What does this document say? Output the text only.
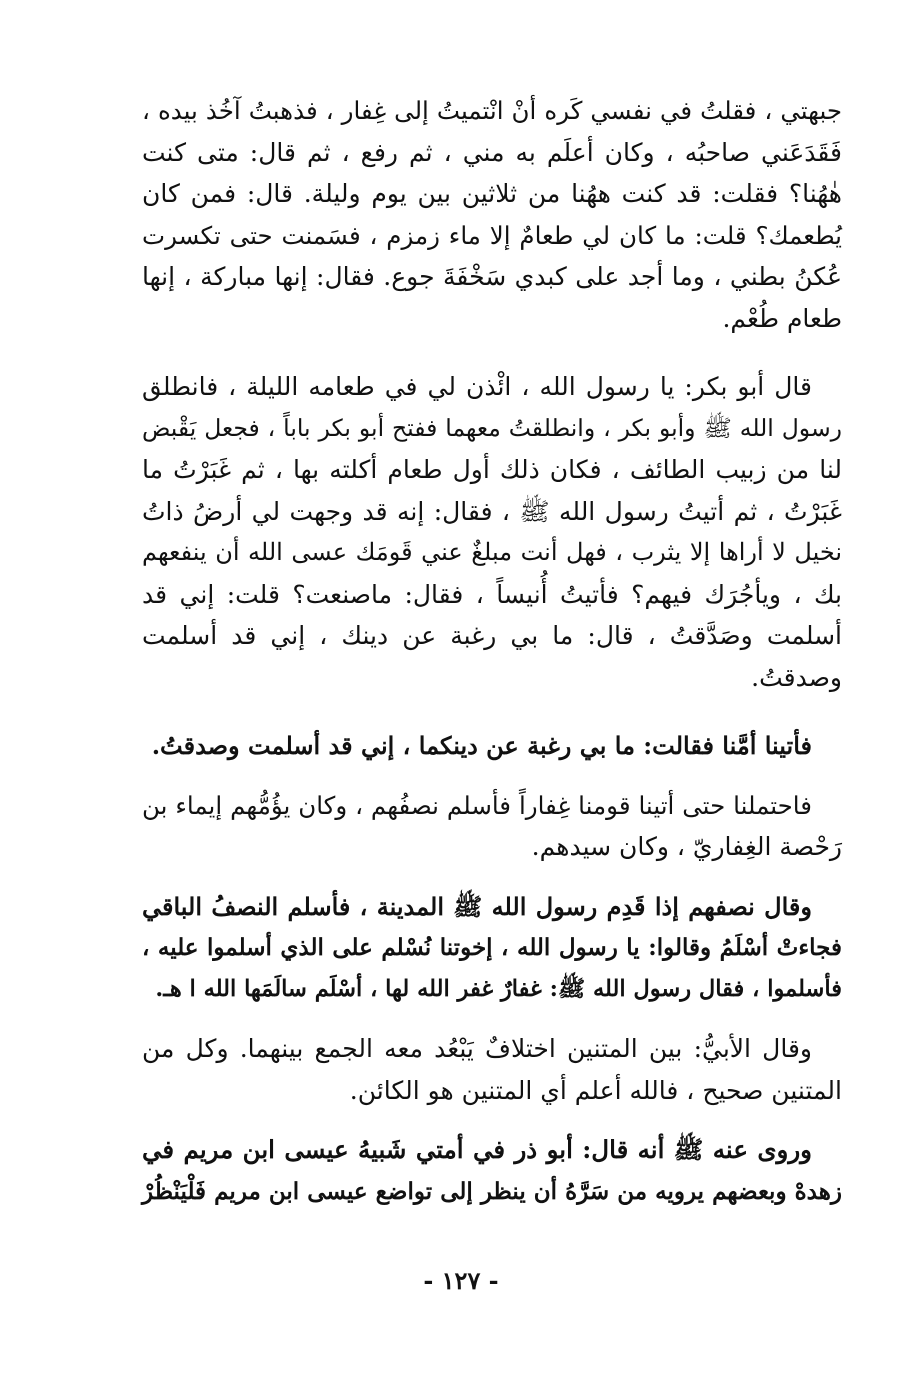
جبهتي ، فقلتُ في نفسي كَره أنْ انْتميتُ إلى غِفار ، فذهبتُ آخُذ بيده ،
فَقَدَعَني صاحبُه ، وكان أعلَم به مني ، ثم رفع ، ثم قال: متى كنت
هٰهُنا؟ فقلت: قد كنت ههُنا من ثلاثين بين يوم وليلة. قال: فمن كان
يُطعمك؟ قلت: ما كان لي طعامٌ إلا ماء زمزم ، فسَمنت حتى تكسرت
عُكنُ بطني ، وما أجد على كبدي سَخْفَةَ جوع. فقال: إنها مباركة ، إنها
طعام طُعْم.

قال أبو بكر: يا رسول الله ، ائْذن لي في طعامه الليلة ، فانطلق
رسول الله ﷺ وأبو بكر ، وانطلقتُ معهما ففتح أبو بكر باباً ، فجعل يَقْبض
لنا من زبيب الطائف ، فكان ذلك أول طعام أكلته بها ، ثم غَبَرْتُ ما
غَبَرْتُ ، ثم أتيتُ رسول الله ﷺ ، فقال: إنه قد وجهت لي أرضُ ذاتُ
نخيل لا أراها إلا يثرب ، فهل أنت مبلغٌ عني قَومَك عسى الله أن ينفعهم
بك ، ويأجُرَك فيهم؟ فأتيتُ أُنيساً ، فقال: ماصنعت؟ قلت: إني قد
أسلمت وصَدَّقتُ ، قال: ما بي رغبة عن دينك ، إني قد أسلمت
وصدقتُ.

فأتينا أمَّنا فقالت: ما بي رغبة عن دينكما ، إني قد أسلمت وصدقتُ.

فاحتملنا حتى أتينا قومنا غِفاراً فأسلم نصفُهم ، وكان يؤُمُّهم إيماء بن
رَحْصة الغِفاريّ ، وكان سيدهم.

وقال نصفهم إذا قَدِم رسول الله ﷺ المدينة ، فأسلم النصفُ الباقي
فجاءتْ أسْلَمُ وقالوا: يا رسول الله ، إخوتنا نُسْلم على الذي أسلموا عليه ،
فأسلموا ، فقال رسول الله ﷺ: غفارٌ غفر الله لها ، أسْلَم سالَمَها الله ا هـ.

وقال الأبيُّ: بين المتنين اختلافٌ يَبْعُد معه الجمع بينهما. وكل من
المتنين صحيح ، فالله أعلم أي المتنين هو الكائن.

وروى عنه ﷺ أنه قال: أبو ذر في أمتي شَبيهُ عيسى ابن مريم في
زهدهْ وبعضهم يرويه من سَرَّهُ أن ينظر إلى تواضع عيسى ابن مريم فَلْيَنْظُرْ

- ١٢٧ -
